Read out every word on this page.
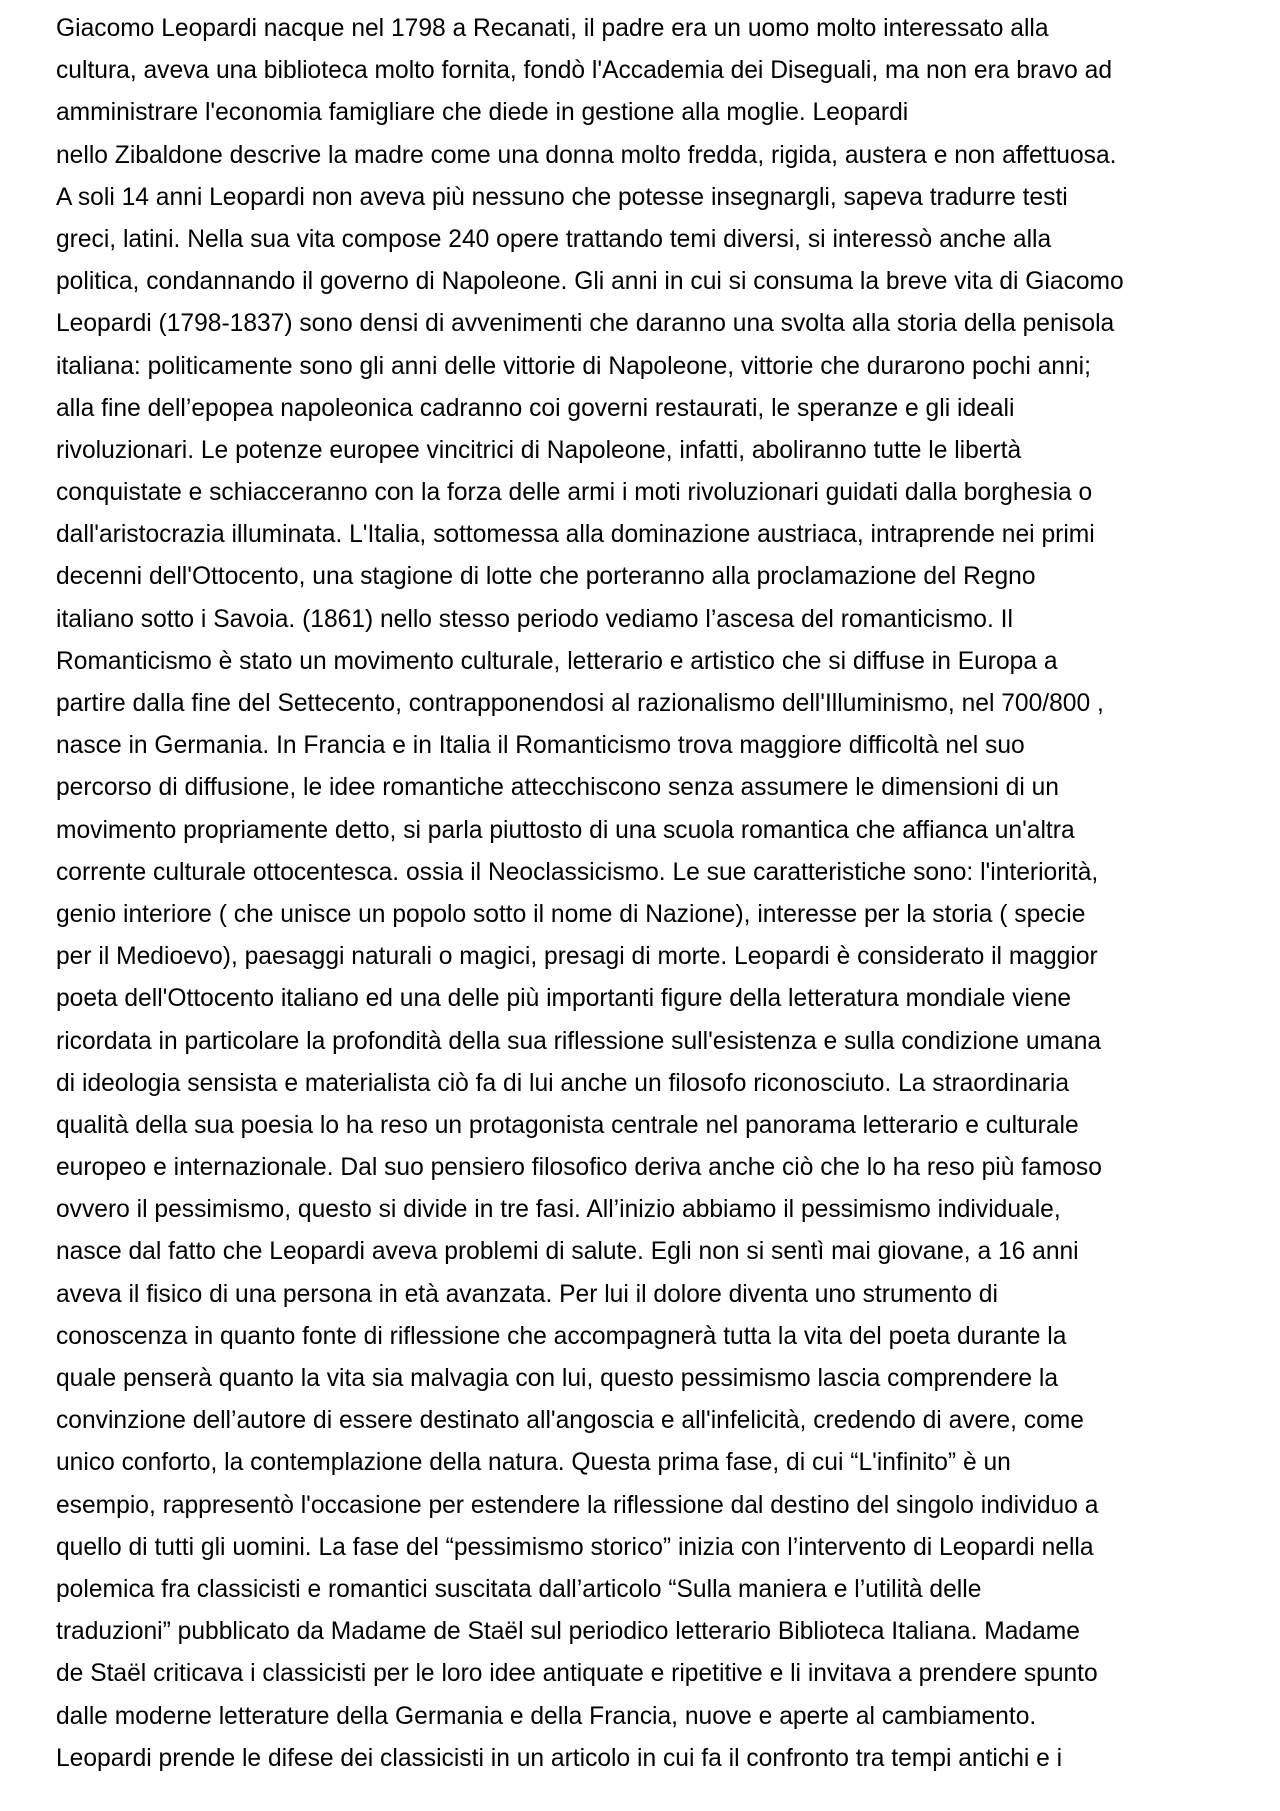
Giacomo Leopardi nacque nel 1798 a Recanati, il padre era un uomo molto interessato alla
cultura, aveva una biblioteca molto fornita, fondò l'Accademia dei Diseguali, ma non era bravo ad
amministrare l'economia famigliare che diede in gestione alla moglie. Leopardi
nello Zibaldone descrive la madre come una donna molto fredda, rigida, austera e non affettuosa.
A soli 14 anni Leopardi non aveva più nessuno che potesse insegnargli, sapeva tradurre testi
greci, latini. Nella sua vita compose 240 opere trattando temi diversi, si interessò anche alla
politica, condannando il governo di Napoleone. Gli anni in cui si consuma la breve vita di Giacomo
Leopardi (1798-1837) sono densi di avvenimenti che daranno una svolta alla storia della penisola
italiana: politicamente sono gli anni delle vittorie di Napoleone, vittorie che durarono pochi anni;
alla fine dell’epopea napoleonica cadranno coi governi restaurati, le speranze e gli ideali
rivoluzionari. Le potenze europee vincitrici di Napoleone, infatti, aboliranno tutte le libertà
conquistate e schiacceranno con la forza delle armi i moti rivoluzionari guidati dalla borghesia o
dall'aristocrazia illuminata. L'Italia, sottomessa alla dominazione austriaca, intraprende nei primi
decenni dell'Ottocento, una stagione di lotte che porteranno alla proclamazione del Regno
italiano sotto i Savoia. (1861) nello stesso periodo vediamo l’ascesa del romanticismo. Il
Romanticismo è stato un movimento culturale, letterario e artistico che si diffuse in Europa a
partire dalla fine del Settecento, contrapponendosi al razionalismo dell'Illuminismo, nel 700/800 ,
nasce in Germania. In Francia e in Italia il Romanticismo trova maggiore difficoltà nel suo
percorso di diffusione, le idee romantiche attecchiscono senza assumere le dimensioni di un
movimento propriamente detto, si parla piuttosto di una scuola romantica che affianca un'altra
corrente culturale ottocentesca. ossia il Neoclassicismo. Le sue caratteristiche sono: l'interiorità,
genio interiore ( che unisce un popolo sotto il nome di Nazione), interesse per la storia ( specie
per il Medioevo), paesaggi naturali o magici, presagi di morte. Leopardi è considerato il maggior
poeta dell'Ottocento italiano ed una delle più importanti figure della letteratura mondiale viene
ricordata in particolare la profondità della sua riflessione sull'esistenza e sulla condizione umana
di ideologia sensista e materialista ciò fa di lui anche un filosofo riconosciuto. La straordinaria
qualità della sua poesia lo ha reso un protagonista centrale nel panorama letterario e culturale
europeo e internazionale. Dal suo pensiero filosofico deriva anche ciò che lo ha reso più famoso
ovvero il pessimismo, questo si divide in tre fasi. All’inizio abbiamo il pessimismo individuale,
nasce dal fatto che Leopardi aveva problemi di salute. Egli non si sentì mai giovane, a 16 anni
aveva il fisico di una persona in età avanzata. Per lui il dolore diventa uno strumento di
conoscenza in quanto fonte di riflessione che accompagnerà tutta la vita del poeta durante la
quale penserà quanto la vita sia malvagia con lui, questo pessimismo lascia comprendere la
convinzione dell’autore di essere destinato all'angoscia e all'infelicità, credendo di avere, come
unico conforto, la contemplazione della natura. Questa prima fase, di cui “L'infinito” è un
esempio, rappresentò l'occasione per estendere la riflessione dal destino del singolo individuo a
quello di tutti gli uomini. La fase del “pessimismo storico” inizia con l’intervento di Leopardi nella
polemica fra classicisti e romantici suscitata dall’articolo “Sulla maniera e l’utilità delle
traduzioni” pubblicato da Madame de Staël sul periodico letterario Biblioteca Italiana. Madame
de Staël criticava i classicisti per le loro idee antiquate e ripetitive e li invitava a prendere spunto
dalle moderne letterature della Germania e della Francia, nuove e aperte al cambiamento.
Leopardi prende le difese dei classicisti in un articolo in cui fa il confronto tra tempi antichi e i
